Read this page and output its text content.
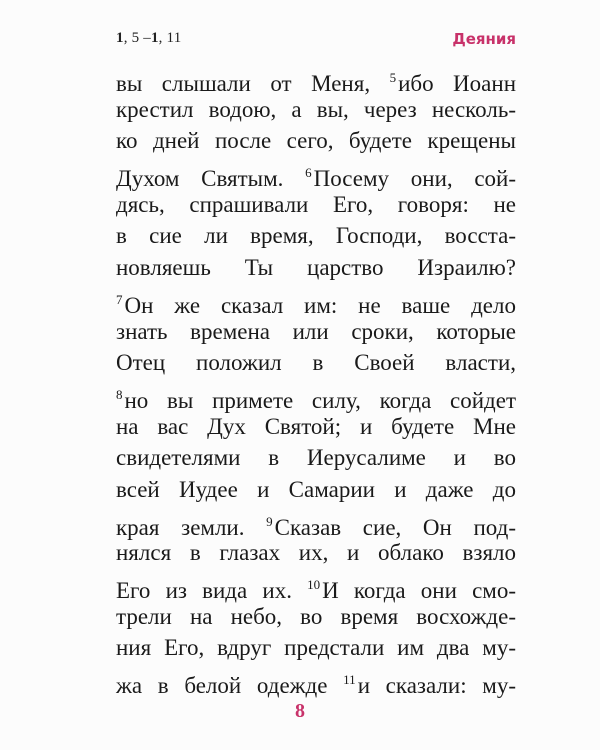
1, 5 –1, 11	Деяния
вы слышали от Меня, $^5$ибо Иоанн
крестил водою, а вы, через несколь-
ко дней после сего, будете крещены
Духом Святым. $^6$Посему они, сой-
дясь, спрашивали Его, говоря: не
в сие ли время, Господи, восста-
новляешь Ты царство Израилю?
$^7$Он же сказал им: не ваше дело
знать времена или сроки, которые
Отец положил в Своей власти,
$^8$но вы примете силу, когда сойдет
на вас Дух Святой; и будете Мне
свидетелями в Иерусалиме и во
всей Иудее и Самарии и даже до
края земли. $^9$Сказав сие, Он под-
нялся в глазах их, и облако взяло
Его из вида их. $^{10}$И когда они смо-
трели на небо, во время восхожде-
ния Его, вдруг предстали им два му-
жа в белой одежде $^{11}$и сказали: му-
8
